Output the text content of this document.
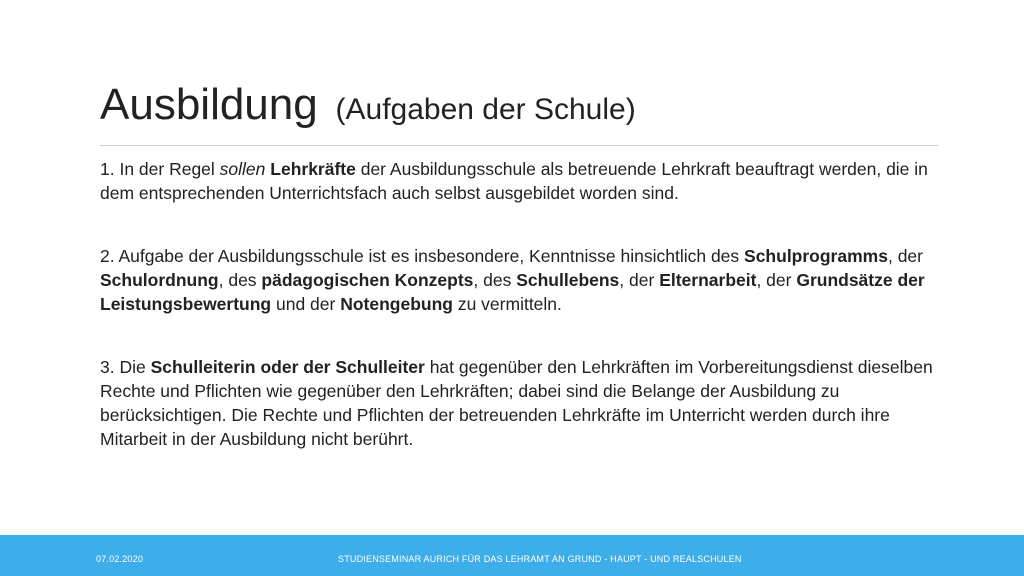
Ausbildung (Aufgaben der Schule)

1. In der Regel sollen Lehrkräfte der Ausbildungsschule als betreuende Lehrkraft beauftragt werden, die in dem entsprechenden Unterrichtsfach auch selbst ausgebildet worden sind.

2. Aufgabe der Ausbildungsschule ist es insbesondere, Kenntnisse hinsichtlich des Schulprogramms, der Schulordnung, des pädagogischen Konzepts, des Schullebens, der Elternarbeit, der Grundsätze der Leistungsbewertung und der Notengebung zu vermitteln.

3. Die Schulleiterin oder der Schulleiter hat gegenüber den Lehrkräften im Vorbereitungsdienst dieselben Rechte und Pflichten wie gegenüber den Lehrkräften; dabei sind die Belange der Ausbildung zu berücksichtigen. Die Rechte und Pflichten der betreuenden Lehrkräfte im Unterricht werden durch ihre Mitarbeit in der Ausbildung nicht berührt.

07.02.2020	STUDIENSEMINAR AURICH FÜR DAS LEHRAMT AN GRUND - HAUPT - UND REALSCHULEN
